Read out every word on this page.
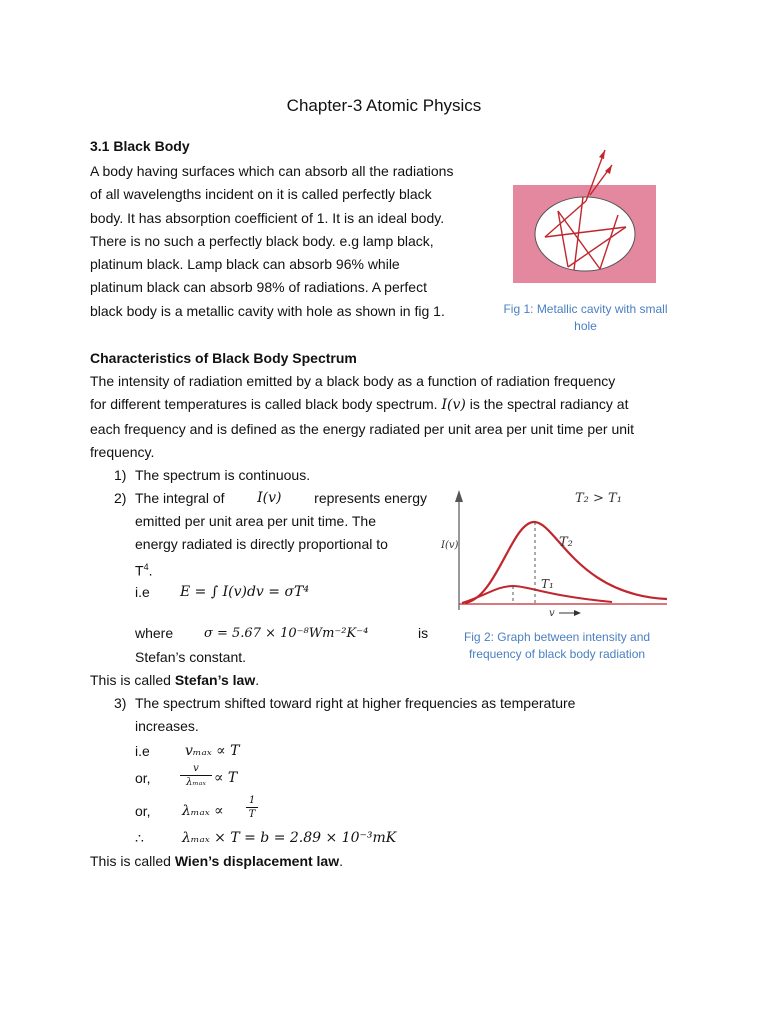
Chapter-3 Atomic Physics
3.1 Black Body
A body having surfaces which can absorb all the radiations
of all wavelengths incident on it is called perfectly black
body. It has absorption coefficient of 1. It is an ideal body.
There is no such a perfectly black body. e.g lamp black,
platinum black. Lamp black can absorb 96% while
platinum black can absorb 98% of radiations. A perfect
black body is a metallic cavity with hole as shown in fig 1.	Fig 1: Metallic cavity with small
hole
Characteristics of Black Body Spectrum
The intensity of radiation emitted by a black body as a function of radiation frequency
for different temperatures is called black body spectrum. I(v) is the spectral radiancy at
each frequency and is defined as the energy radiated per unit area per unit time per unit
frequency.
1) The spectrum is continuous.
2) The integral of I(v) represents energy
emitted per unit area per unit time. The
energy radiated is directly proportional to
$T^4$.
i.e E = ∫ I(v)dv = σT⁴
where σ = 5.67 × 10⁻⁸Wm⁻²K⁻⁴	is
Stefan’s constant.
This is called Stefan’s law.
T₂ > T₁
T₂
T₁
I(v)
v
Fig 2: Graph between intensity and
frequency of black body radiation
3) The spectrum shifted toward right at higher frequencies as temperature
increases.
i.e	vₘₐₓ ∝ T
or,
v
λₘₐₓ ∝ T
or, $\lambda_{max} \propto \frac{1}{T}$
∴	λₘₐₓ × T = b = 2.89 × 10⁻³mK
This is called Wien’s displacement law.
